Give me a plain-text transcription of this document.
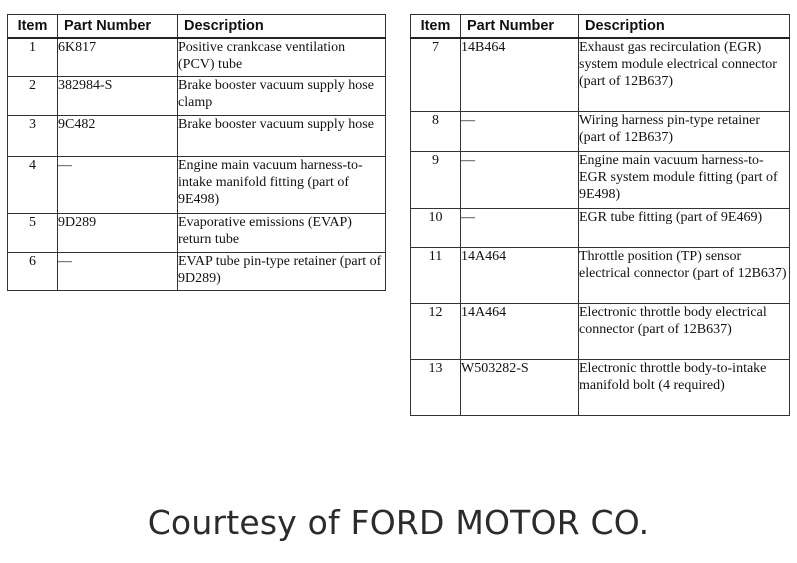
Item	Part Number	Description
1	6K817	Positive crankcase ventilation (PCV) tube
2	382984-S	Brake booster vacuum supply hose clamp
3	9C482	Brake booster vacuum supply hose
4	—	Engine main vacuum harness-to-intake manifold fitting (part of 9E498)
5	9D289	Evaporative emissions (EVAP) return tube
6	—	EVAP tube pin-type retainer (part of 9D289)
Item	Part Number	Description
7	14B464	Exhaust gas recirculation (EGR) system module electrical connector (part of 12B637)
8	—	Wiring harness pin-type retainer (part of 12B637)
9	—	Engine main vacuum harness-to-EGR system module fitting (part of 9E498)
10	—	EGR tube fitting (part of 9E469)
11	14A464	Throttle position (TP) sensor electrical connector (part of 12B637)
12	14A464	Electronic throttle body electrical connector (part of 12B637)
13	W503282-S	Electronic throttle body-to-intake manifold bolt (4 required)
Courtesy of FORD MOTOR CO.
